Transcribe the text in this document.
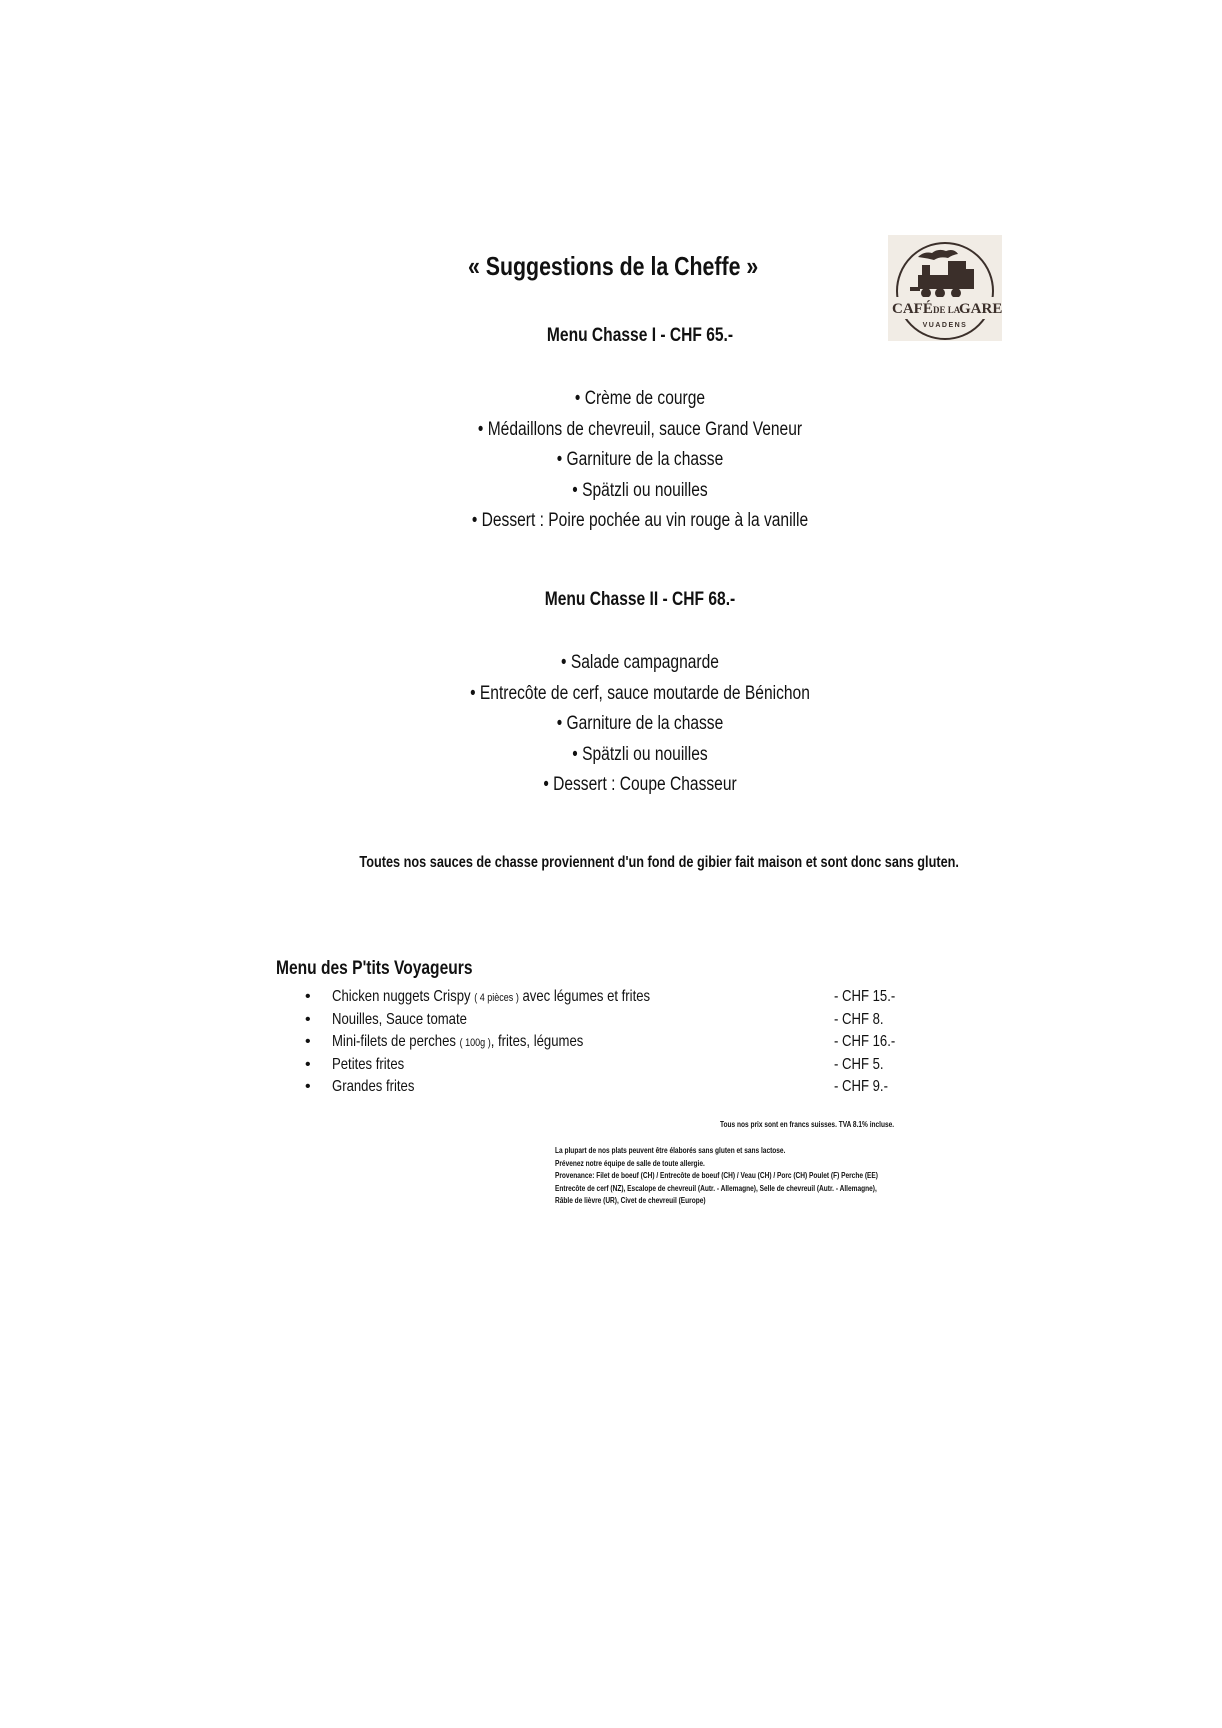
« Suggestions de la Cheffe »
CAFÉ DE LA
GARE
VUADENS
Menu Chasse I - CHF 65.-
• Crème de courge
• Médaillons de chevreuil, sauce Grand Veneur
• Garniture de la chasse
• Spätzli ou nouilles
• Dessert : Poire pochée au vin rouge à la vanille
Menu Chasse II - CHF 68.-
• Salade campagnarde
• Entrecôte de cerf, sauce moutarde de Bénichon
• Garniture de la chasse
• Spätzli ou nouilles
• Dessert : Coupe Chasseur
Toutes nos sauces de chasse proviennent d'un fond de gibier fait maison et sont donc sans gluten.
Menu des P'tits Voyageurs
• Chicken nuggets Crispy ( 4 pièces ) avec légumes et frites	- CHF 15.-
• Nouilles, Sauce tomate	- CHF 8.
• Mini-filets de perches ( 100g ), frites, légumes	- CHF 16.-
• Petites frites	- CHF 5.
• Grandes frites	- CHF 9.-
Tous nos prix sont en francs suisses. TVA 8.1% incluse.
La plupart de nos plats peuvent être élaborés sans gluten et sans lactose.
Prévenez notre équipe de salle de toute allergie.
Provenance: Filet de boeuf (CH) / Entrecôte de boeuf (CH) / Veau (CH) / Porc (CH) Poulet (F) Perche (EE)
Entrecôte de cerf (NZ), Escalope de chevreuil (Autr. - Allemagne), Selle de chevreuil (Autr. - Allemagne),
Râble de lièvre (UR), Civet de chevreuil (Europe)
